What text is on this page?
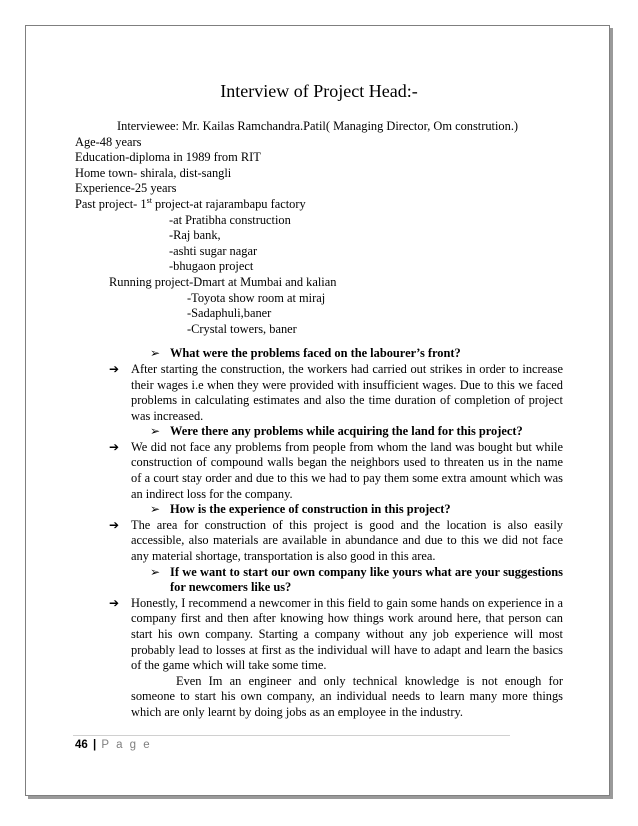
Interview of Project Head:-
Interviewee: Mr. Kailas Ramchandra.Patil( Managing Director, Om constrution.)
Age-48 years
Education-diploma in 1989 from RIT
Home town- shirala, dist-sangli
Experience-25 years
Past project- 1st project-at rajarambapu factory
-at Pratibha construction
-Raj bank,
-ashti sugar nagar
-bhugaon project
Running project-Dmart at Mumbai and kalian
-Toyota show room at miraj
-Sadaphuli,baner
-Crystal towers, baner
➢ What were the problems faced on the labourer’s front?
➔ After starting the construction, the workers had carried out strikes in order to increase their wages i.e when they were provided with insufficient wages. Due to this we faced problems in calculating estimates and also the time duration of completion of project was increased.
➢ Were there any problems while acquiring the land for this project?
➔ We did not face any problems from people from whom the land was bought but while construction of compound walls began the neighbors used to threaten us in the name of a court stay order and due to this we had to pay them some extra amount which was an indirect loss for the company.
➢ How is the experience of construction in this project?
➔ The area for construction of this project is good and the location is also easily accessible, also materials are available in abundance and due to this we did not face any material shortage, transportation is also good in this area.
➢ If we want to start our own company like yours what are your suggestions for newcomers like us?
➔ Honestly, I recommend a newcomer in this field to gain some hands on experience in a company first and then after knowing how things work around here, that person can start his own company. Starting a company without any job experience will most probably lead to losses at first as the individual will have to adapt and learn the basics of the game which will take some time.
Even Im an engineer and only technical knowledge is not enough for someone to start his own company, an individual needs to learn many more things which are only learnt by doing jobs as an employee in the industry.
46 | P a g e
